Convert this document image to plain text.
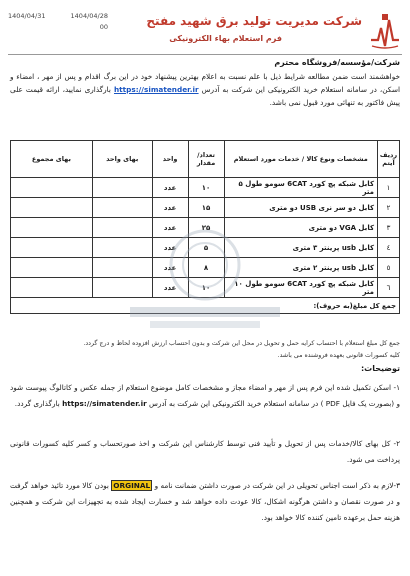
شرکت مدیریت تولید برق شهید مفتح
فرم استعلام بهاء الکترونیکی
1404/04/31	1404/04/28
00
شرکت/مؤسسه/فروشگاه محترم

خواهشمند است ضمن مطالعه شرایط ذیل با علم نسبت به اعلام بهترین پیشنهاد خود در این برگ اقدام و پس از مهر ، امضاء و اسکن، در سامانه استعلام خرید الکترونیکی این شرکت به آدرس https://simatender.ir بارگذاری نمایید، ارائه قیمت علی پیش فاکتور به تنهائی مورد قبول نمی باشد.

ردیف آیتم	مشخصات ونوع کالا / خدمات مورد استعلام	تعداد/ مقدار	واحد	بهای واحد	بهای مجموع
۱	کابل شبکه پچ کورد 6CAT سومو طول ۵ متر	۱۰	عدد		
۲	کابل دو سر نری USB دو متری	۱۵	عدد		
۳	کابل VGA دو متری	۲۵	عدد		
٤	کابل usb پرینتر ۳ متری	۵	عدد		
٥	کابل usb پرینتر ۲ متری	۸	عدد		
٦	کابل شبکه پچ کورد 6CAT سومو طول ۱۰ متر	۱۰	عدد		
جمع کل مبلغ(به حروف):					
جمع کل مبلغ استعلام با احتساب کرایه حمل و تحویل در محل این شرکت و بدون احتساب ارزش افزوده لحاظ و درج گردد.
کلیه کسورات قانونی بعهده فروشنده می باشد.
توضیحات:

۱- اسکن تکمیل شده این فرم پس از مهر و امضاء مجاز و مشخصات کامل موضوع استعلام از جمله عکس و کاتالوگ پیوست شود و (بصورت یک فایل PDF ) در سامانه استعلام خرید الکترونیکی این شرکت به آدرس https://simatender.ir بارگذاری گردد.

۲- کل بهای کالا/خدمات پس از تحویل و تأیید فنی توسط کارشناس این شرکت و اخذ صورتحساب و کسر کلیه کسورات قانونی پرداخت می شود.

۳-لازم به ذکر است اجناس تحویلی در این شرکت در صورت داشتن ضمانت نامه و ORGINAL بودن کالا مورد تائید خواهد گرفت و در صورت نقصان و داشتن هرگونه اشکال، کالا عودت داده خواهد شد و خسارت ایجاد شده به تجهیزات این شرکت و همچنین هزینه حمل برعهده تامین کننده کالا خواهد بود.
